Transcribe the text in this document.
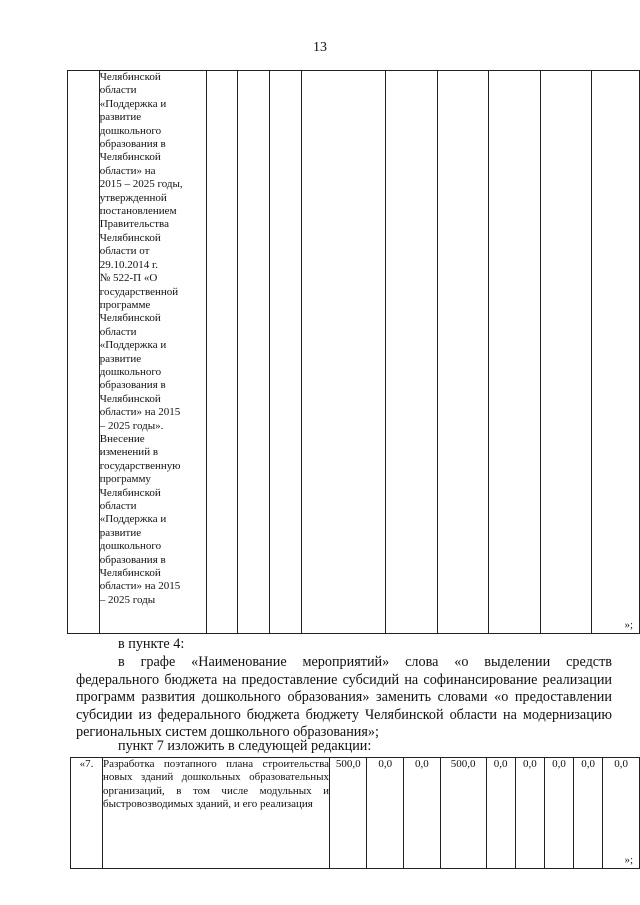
13
	Челябинской
области
«Поддержка и
развитие
дошкольного
образования в
Челябинской
области» на
2015 – 2025 годы,
утвержденной
постановлением
Правительства
Челябинской
области от
29.10.2014 г.
№ 522-П «О
государственной
программе
Челябинской
области
«Поддержка и
развитие
дошкольного
образования в
Челябинской
области» на 2015
– 2025 годы».
Внесение
изменений в
государственную
программу
Челябинской
области
«Поддержка и
развитие
дошкольного
образования в
Челябинской
области» на 2015
– 2025 годы									
»;
в пункте 4:
в графе «Наименование мероприятий» слова «о выделении средств федерального бюджета на предоставление субсидий на софинансирование реализации программ развития дошкольного образования» заменить словами «о предоставлении субсидии из федерального бюджета бюджету Челябинской области на модернизацию региональных систем дошкольного образования»;
пункт 7 изложить в следующей редакции:
«7.	Разработка поэтапного плана строительства новых зданий дошкольных образовательных организаций, в том числе модульных и быстровозводимых зданий, и его реализация	500,0	0,0	0,0	500,0	0,0	0,0	0,0	0,0	0,0
»;
